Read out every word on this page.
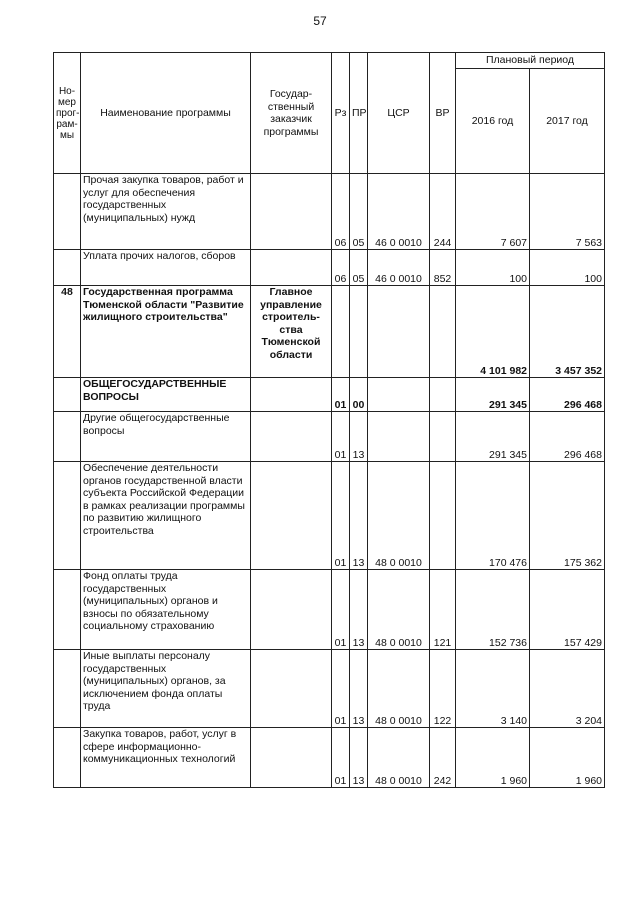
57
Но-
мер
прог-
рам-
мы	Наименование программы	Государ-
ственный
заказчик
программы	Рз	ПР	ЦСР	ВР	Плановый период	
							2016 год	2017 год
	Прочая закупка товаров, работ и услуг для обеспечения государственных (муниципальных) нужд		06	05	46 0 0010	244	7 607	7 563
	Уплата прочих налогов, сборов		06	05	46 0 0010	852	100	100
48	Государственная программа Тюменской области "Развитие жилищного строительства"	Главное управление строитель-ства Тюменской области					4 101 982	3 457 352
	ОБЩЕГОСУДАРСТВЕННЫЕ ВОПРОСЫ		01	00			291 345	296 468
	Другие общегосударственные вопросы		01	13			291 345	296 468
	Обеспечение деятельности органов государственной власти субъекта Российской Федерации в рамках реализации программы по развитию жилищного строительства		01	13	48 0 0010		170 476	175 362
	Фонд оплаты труда государственных (муниципальных) органов и взносы по обязательному социальному страхованию		01	13	48 0 0010	121	152 736	157 429
	Иные выплаты персоналу государственных (муниципальных) органов, за исключением фонда оплаты труда		01	13	48 0 0010	122	3 140	3 204
	Закупка товаров, работ, услуг в сфере информационно-коммуникационных технологий		01	13	48 0 0010	242	1 960	1 960
